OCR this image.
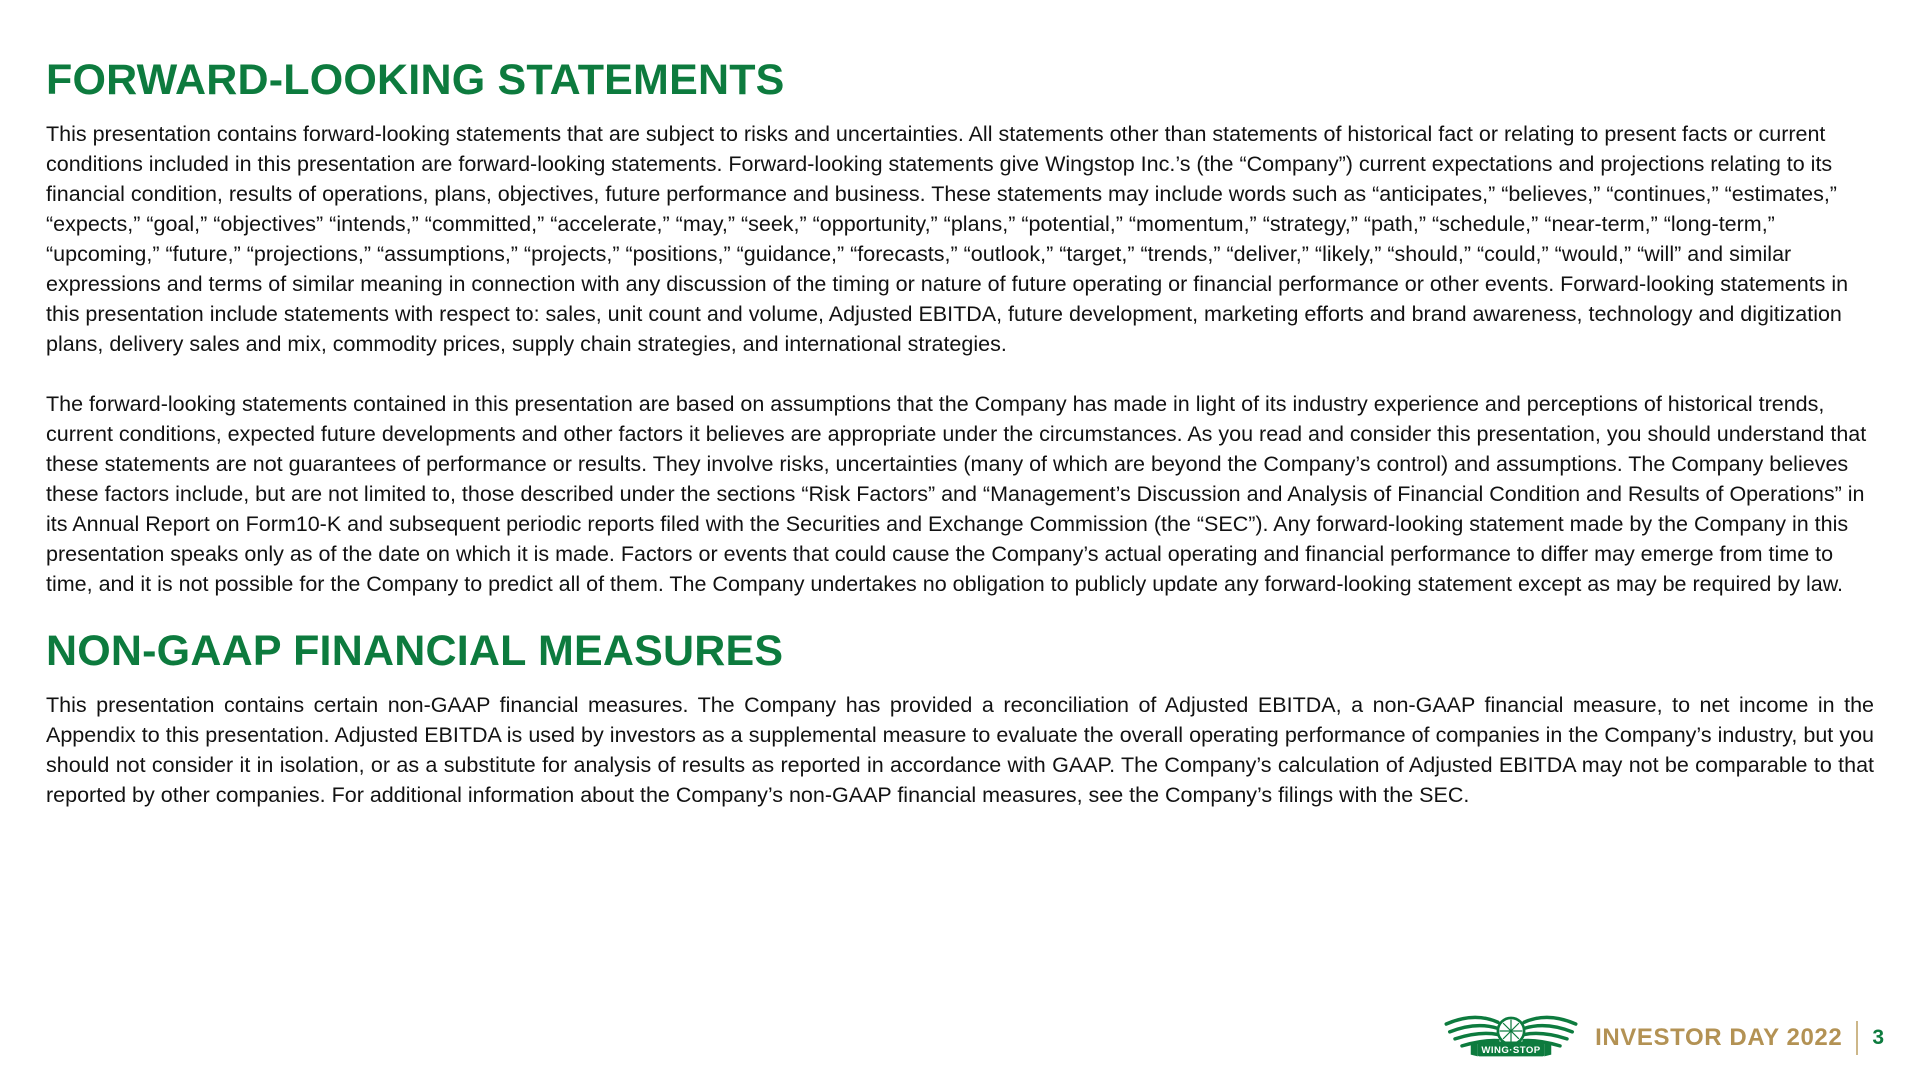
FORWARD-LOOKING STATEMENTS

This presentation contains forward-looking statements that are subject to risks and uncertainties. All statements other than statements of historical fact or relating to present facts or current conditions included in this presentation are forward-looking statements. Forward-looking statements give Wingstop Inc.’s (the “Company”) current expectations and projections relating to its financial condition, results of operations, plans, objectives, future performance and business. These statements may include words such as “anticipates,” “believes,” “continues,” “estimates,” “expects,” “goal,” “objectives” “intends,” “committed,” “accelerate,” “may,” “seek,” “opportunity,” “plans,” “potential,” “momentum,” “strategy,” “path,” “schedule,” “near-term,” “long-term,” “upcoming,” “future,” “projections,” “assumptions,” “projects,” “positions,” “guidance,” “forecasts,” “outlook,” “target,” “trends,” “deliver,” “likely,” “should,” “could,” “would,” “will” and similar expressions and terms of similar meaning in connection with any discussion of the timing or nature of future operating or financial performance or other events. Forward-looking statements in this presentation include statements with respect to: sales, unit count and volume, Adjusted EBITDA, future development, marketing efforts and brand awareness, technology and digitization plans, delivery sales and mix, commodity prices, supply chain strategies, and international strategies.

The forward-looking statements contained in this presentation are based on assumptions that the Company has made in light of its industry experience and perceptions of historical trends, current conditions, expected future developments and other factors it believes are appropriate under the circumstances. As you read and consider this presentation, you should understand that these statements are not guarantees of performance or results. They involve risks, uncertainties (many of which are beyond the Company’s control) and assumptions. The Company believes these factors include, but are not limited to, those described under the sections “Risk Factors” and “Management’s Discussion and Analysis of Financial Condition and Results of Operations” in its Annual Report on Form10-K and subsequent periodic reports filed with the Securities and Exchange Commission (the “SEC”). Any forward-looking statement made by the Company in this presentation speaks only as of the date on which it is made. Factors or events that could cause the Company’s actual operating and financial performance to differ may emerge from time to time, and it is not possible for the Company to predict all of them. The Company undertakes no obligation to publicly update any forward-looking statement except as may be required by law.

NON-GAAP FINANCIAL MEASURES

This presentation contains certain non-GAAP financial measures. The Company has provided a reconciliation of Adjusted EBITDA, a non-GAAP financial measure, to net income in the Appendix to this presentation. Adjusted EBITDA is used by investors as a supplemental measure to evaluate the overall operating performance of companies in the Company’s industry, but you should not consider it in isolation, or as a substitute for analysis of results as reported in accordance with GAAP. The Company’s calculation of Adjusted EBITDA may not be comparable to that reported by other companies. For additional information about the Company’s non-GAAP financial measures, see the Company’s filings with the SEC.

WING·STOP INVESTOR DAY 2022 3
